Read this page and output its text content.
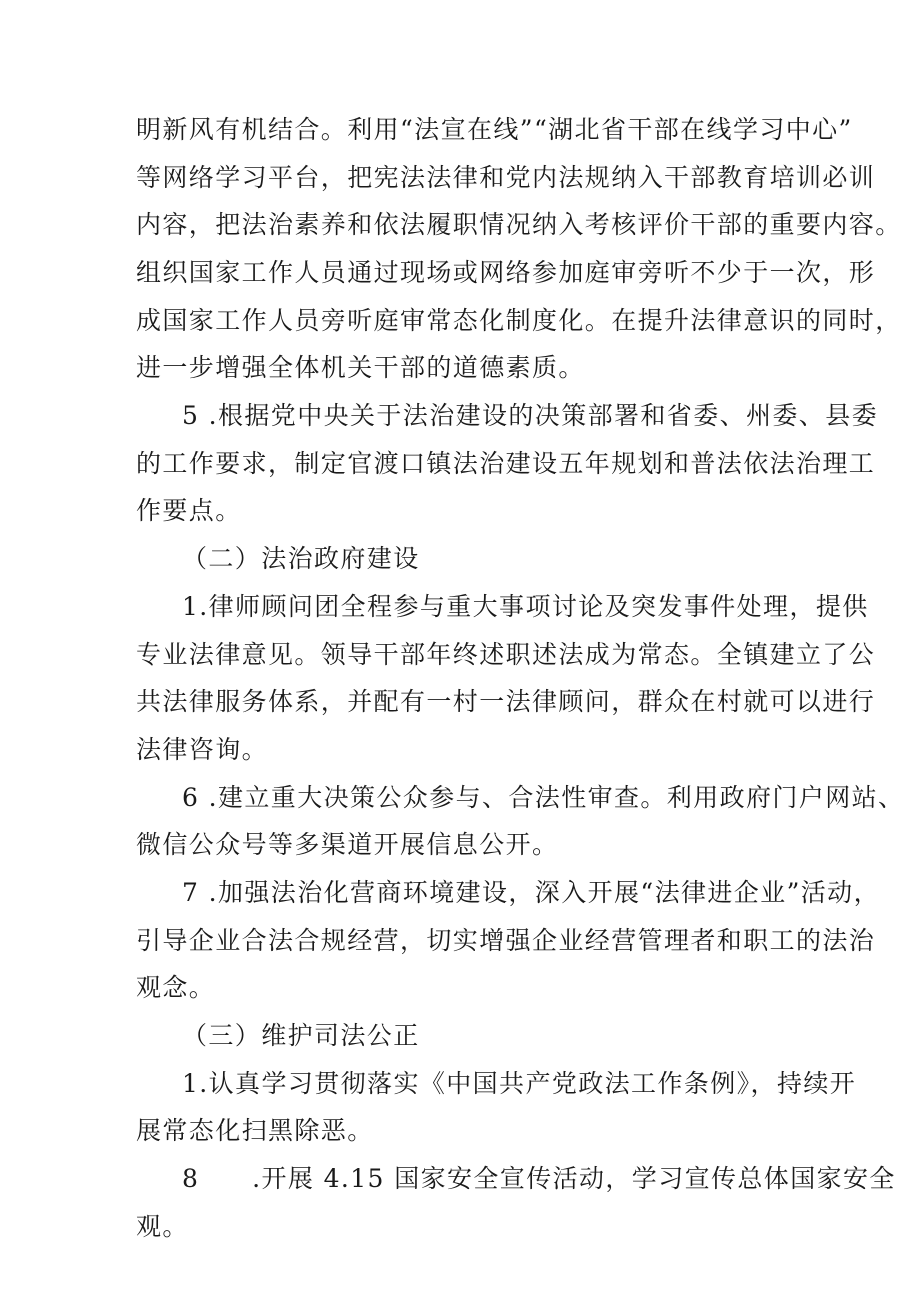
明新风有机结合。利用“法宣在线”“湖北省干部在线学习中心”
等网络学习平台，把宪法法律和党内法规纳入干部教育培训必训
内容，把法治素养和依法履职情况纳入考核评价干部的重要内容。
组织国家工作人员通过现场或网络参加庭审旁听不少于一次，形
成国家工作人员旁听庭审常态化制度化。在提升法律意识的同时，
进一步增强全体机关干部的道德素质。
5 .根据党中央关于法治建设的决策部署和省委、州委、县委
的工作要求，制定官渡口镇法治建设五年规划和普法依法治理工
作要点。
（二）法治政府建设
1.律师顾问团全程参与重大事项讨论及突发事件处理，提供
专业法律意见。领导干部年终述职述法成为常态。全镇建立了公
共法律服务体系，并配有一村一法律顾问，群众在村就可以进行
法律咨询。
6 .建立重大决策公众参与、合法性审查。利用政府门户网站、
微信公众号等多渠道开展信息公开。
7 .加强法治化营商环境建设，深入开展“法律进企业”活动，
引导企业合法合规经营，切实增强企业经营管理者和职工的法治
观念。
（三）维护司法公正
1.认真学习贯彻落实《中国共产党政法工作条例》，持续开
展常态化扫黑除恶。
8　　.开展 4.15 国家安全宣传活动，学习宣传总体国家安全
观。
